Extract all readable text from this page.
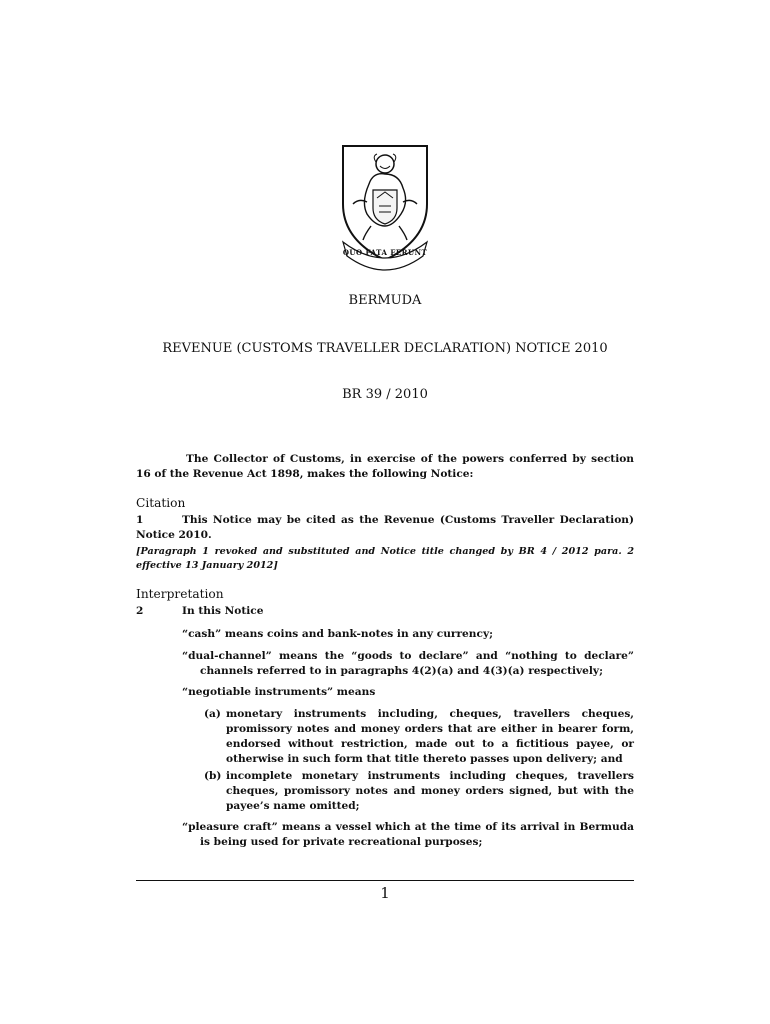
QUO FATA FERUNT
BERMUDA
REVENUE (CUSTOMS TRAVELLER DECLARATION) NOTICE 2010
BR 39 / 2010
The Collector of Customs, in exercise of the powers conferred by section 16 of the Revenue Act 1898, makes the following Notice:
Citation
1	This Notice may be cited as the Revenue (Customs Traveller Declaration) Notice 2010.
[Paragraph 1 revoked and substituted and Notice title changed by BR 4 / 2012 para. 2 effective 13 January 2012]
Interpretation
2	In this Notice
“cash” means coins and bank-notes in any currency;
“dual-channel” means the “goods to declare” and “nothing to declare” channels referred to in paragraphs 4(2)(a) and 4(3)(a) respectively;
“negotiable instruments” means
(a) monetary instruments including, cheques, travellers cheques, promissory notes and money orders that are either in bearer form, endorsed without restriction, made out to a fictitious payee, or otherwise in such form that title thereto passes upon delivery; and
(b) incomplete monetary instruments including cheques, travellers cheques, promissory notes and money orders signed, but with the payee’s name omitted;
“pleasure craft” means a vessel which at the time of its arrival in Bermuda is being used for private recreational purposes;
1
